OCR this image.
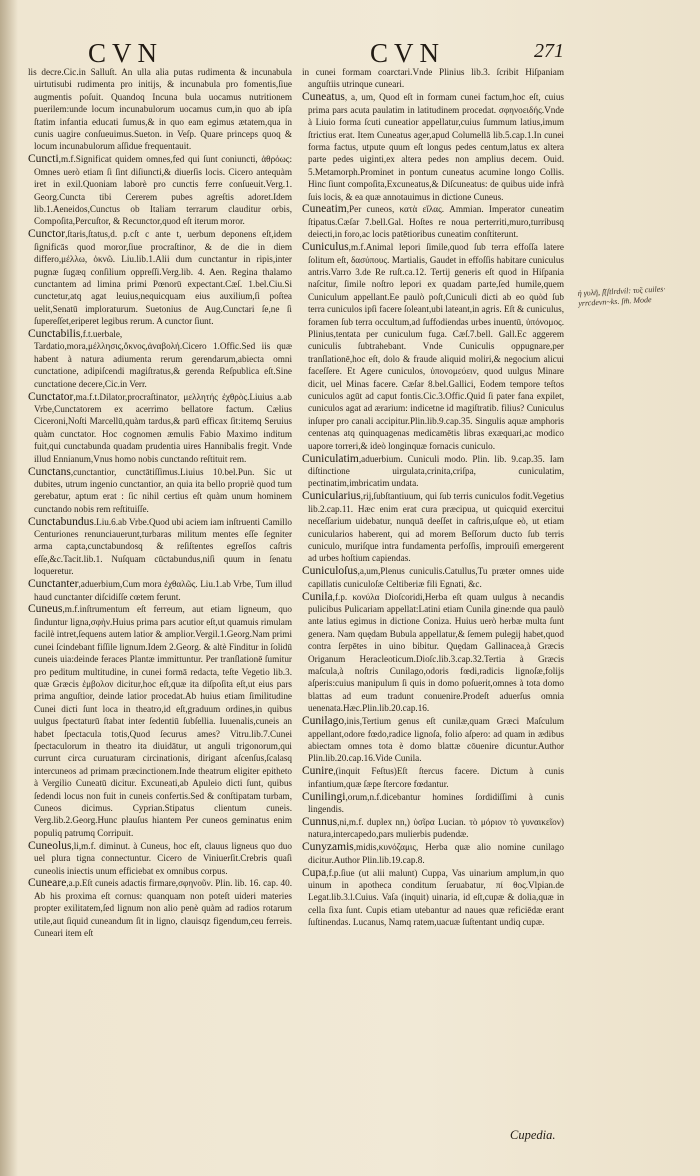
CVN	CVN	271

lis decre.Cic.in Salluſt. An ulla alia putas rudimenta & incunabula uirtutisubi rudimenta pro initijs, & incunabula pro fomentis,ſiue augmentis poſuit. Quandoq Incuna bula uocamus nutritionem puerilem:unde locum incunabulorum uocamus cum,in quo ab ipſa ſtatim infantia educati ſumus,& in quo eam egimus ætatem,qua in cunis uagire conſueuimus.Sueton. in Veſp. Quare princeps quoq & locum incunabulorum aſſidue frequentauit.

Cuncti,m.f.Significat quidem omnes,fed qui ſunt coniuncti, ἀθρόως: Omnes uerò etiam ſi ſint diſiuncti,& diuerſis locis. Cicero antequàm iret in exil.Quoniam laborè pro cunctis ferre conſueuit.Verg.1. Georg.Cuncta tibi Cererem pubes agreſtis adoret.Idem lib.1.Aeneidos,Cunctus ob Italiam terrarum clauditur orbis, Compoſita,Percuſtor, & Recunctor,quod eſt iterum moror.

Cunctor,ſtaris,ſtatus,d. p.cſt c ante t, uerbum deponens eſt,idem ſignificās quod moror,ſiue procraſtinor, & de die in diem differo,μέλλω, ὀκνῶ. Liu.lib.1.Alii dum cunctantur in ripis,inter pugnæ ſugæq conſilium oppreſſi.Verg.lib. 4. Aen. Regina thalamo cunctantem ad limina primi Pœnorū expectant.Cæſ. 1.bel.Ciu.Si cunctetur,atq agat leuius,nequicquam eius auxilium,ſi poſtea uelit,Senatū imploraturum. Suetonius de Aug.Cunctari ſe,ne ſi ſupereſſet,eriperet legibus rerum. A cunctor ſiunt.

Cunctabilis,f.t.uerbale, Tardatio,mora,μέλλησις,ὄκνος,ἀναβολή.Cicero 1.Offic.Sed iis quæ habent à natura adiumenta rerum gerendarum,abiecta omni cunctatione, adipiſcendi magiſtratus,& gerenda Reſpublica eſt.Sine cunctatione decere,Cic.in Verr.

Cunctator,ma.f.t.Dilator,procraſtinator, μελλητής ἐχθρὸς.Liuius a.ab Vrbe,Cunctatorem ex acerrimo bellatore factum. Cælius Ciceroni,Noſti Marcellū,quàm tardus,& parū efficax ſit:itemq Seruius quàm cunctator. Hoc cognomen æmulis Fabio Maximo inditum fuit,qui cunctabunda quadam prudentia uires Hannibalis fregit. Vnde illud Ennianum,Vnus homo nobis cunctando reſtituit rem.

Cunctans,cunctantior, cunctātiſſimus.Liuius 10.bel.Pun. Sic ut dubites, utrum ingenio cunctantior, an quia ita bello propriè quod tum gerebatur, aptum erat : ſic nihil certius eſt quàm unum hominem cunctando nobis rem reſtituiſſe.

Cunctabundus.Liu.6.ab Vrbe.Quod ubi aciem iam inſtruenti Camillo Centuriones renunciauerunt,turbaras militum mentes eſſe ſegniter arma capta,cunctabundosq & reſiſtentes egreſſos caſtris eſſe,&c.Tacit.lib.1. Nuſquam cūctabundus,niſi quum in ſenatu loqueretur.

Cunctanter,aduerbium,Cum mora ἐχθαλῶς. Liu.1.ab Vrbe, Tum illud haud cunctanter diſcidiſſe cœtem ferunt.

Cuneus,m.f.inſtrumentum eſt ferreum, aut etiam ligneum, quo ſinduntur ligna,σφὴν.Huius prima pars acutior eſt,ut quamuis rimulam facilè intret,ſequens autem latior & amplior.Vergil.1.Georg.Nam primi cunei ſcindebant fiſſile lignum.Idem 2.Georg. & altè Finditur in ſolidū cuneis uia:deinde feraces Plantæ immittuntur. Per tranſlationē ſumitur pro peditum multitudine, in cunei formā redacta, teſte Vegetio lib.3. quæ Græcis ἐμβολον dicitur,hoc eſt,quæ ita diſpoſita eſt,ut eius pars prima anguſtior, deinde latior procedat.Ab huius etiam ſimilitudine Cunei dicti ſunt loca in theatro,id eſt,graduum ordines,in quibus uulgus ſpectaturū ſtabat inter ſedentiū ſubſellia. Iuuenalis,cuneis an habet ſpectacula totis,Quod ſecurus ames? Vitru.lib.7.Cunei ſpectaculorum in theatro ita diuidātur, ut anguli trigonorum,qui currunt circa curuaturam circinationis, dirigant aſcenſus,ſcalasq intercuneos ad primam præcinctionem.Inde theatrum eligiter epitheto à Vergilio Cuneatū dicitur. Excuneati,ab Apuleio dicti ſunt, quibus ſedendi locus non fuit in cuneis confertis.Sed & conſtipatam turbam, Cuneos dicimus. Cyprian.Stipatus clientum cuneis. Verg.lib.2.Georg.Hunc plauſus hiantem Per cuneos geminatus enim populiq patrumq Corripuit.

Cuneolus,li,m.f. diminut. à Cuneus, hoc eſt, clauus ligneus quo duo uel plura tigna connectuntur. Cicero de Viniuerſit.Crebris quaſi cuneolis iniectis unum efficiebat ex omnibus corpus.

Cuneare,a.p.Eſt cuneis adactis firmare,σφηνοῦν. Plin. lib. 16. cap. 40. Ab his proxima eſt cornus: quanquam non poteſt uideri materies propter exilitatem,ſed lignum non alio penè quàm ad radios rotarum utile,aut ſiquid cuneandum ſit in ligno, clauisqz figendum,ceu ferreis. Cuneari item eſt

in cunei formam coarctari.Vnde Plinius lib.3. ſcribit Hiſpaniam anguſtiis utrinque cuneari.

Cuneatus, a, um, Quod eſt in formam cunei factum,hoc eſt, cuius prima pars acuta paulatim in latitudinem procedat. σφηνοειδής.Vnde à Liuio forma ſcuti cuneatior appellatur,cuius ſummum latius,imum ſtrictius erat. Item Cuneatus ager,apud Columellā lib.5.cap.1.In cunei forma factus, utpute quum eſt longus pedes centum,latus ex altera parte pedes uiginti,ex altera pedes non amplius decem. Ouid. 5.Metamorph.Prominet in pontum cuneatus acumine longo Collis. Hinc ſiunt compoſita,Excuneatus,& Diſcuneatus: de quibus uide infrà ſuis locis, & ea quæ annotauimus in dictione Cuneus.

Cuneatim,Per cuneos, κατὰ εἴλας. Ammian. Imperator cuneatim ſtipatus.Cæſar 7.bell.Gal. Hoſtes re noua perterriti,muro,turribusq deiecti,in foro,ac locis patētioribus cuneatim conſtiterunt.

Cuniculus,m.f.Animal lepori ſimile,quod ſub terra effoſſa latere ſolitum eſt, δασύπους. Martialis, Gaudet in effoſſis habitare cuniculus antris.Varro 3.de Re ruſt.ca.12. Tertij generis eſt quod in Hiſpania naſcitur, ſimile noſtro lepori ex quadam parte,ſed humile,quem Cuniculum appellant.Ee paulò poſt,Cuniculi dicti ab eo quòd ſub terra cuniculos ipſi facere ſoleant,ubi lateant,in agris. Eſt & cuniculus, foramen ſub terra occultum,ad ſuffodiendas urbes inuentū, ὑπόνομος. Plinius,tentata per cuniculum fuga. Cæſ.7.bell. Gall.Ec aggerem cuniculis ſubtrahebant. Vnde Cuniculis oppugnare,per tranſlationē,hoc eſt, dolo & fraude aliquid moliri,& negocium alicui faceſſere. Et Agere cuniculos, ὑπονομεύειν, quod uulgus Minare dicit, uel Minas facere. Cæſar 8.bel.Gallici, Eodem tempore teſtos cuniculos agūt ad caput fontis.Cic.3.Offic.Quid ſi pater fana expilet, cuniculos agat ad ærarium: indicetne id magiſtratib. filius? Cuniculus inſuper pro canali accipitur.Plin.lib.9.cap.35. Singulis aquæ amphoris centenas atq quinquagenas medicamētis libras exæquari,ac modico uapore torreri,& ideò longinquæ fornacis cuniculo.

Cuniculatim,aduerbium. Cuniculi modo. Plin. lib. 9.cap.35. Iam diſtinctione uirgulata,crinita,criſpa, cuniculatim, pectinatim,imbricatim undata.

Cunicularius,rij,ſubſtantiuum, qui ſub terris cuniculos fodit.Vegetius lib.2.cap.11. Hæc enim erat cura præcipua, ut quicquid exercitui neceſſarium uidebatur, nunquā deeſſet in caſtris,uſque eò, ut etiam cunicularios haberent, qui ad morem Beſſorum ducto ſub terris cuniculo, muriſque intra fundamenta perfoſſis, improuiſi emergerent ad urbes hoſtium capiendas.

Cuniculoſus,a,um,Plenus cuniculis.Catullus,Tu præter omnes uide capillatis cuniculoſæ Celtiberiæ fili Egnati, &c.

Cunila,f.p. κονύλα Dioſcoridi,Herba eſt quam uulgus à necandis pulicibus Pulicariam appellat:Latini etiam Cunila gine:nde qua paulò ante latius egimus in dictione Coniza. Huius uerò herbæ multa ſunt genera. Nam quędam Bubula appellatur,& ſemem pulegij habet,quod contra ſerpētes in uino bibitur. Quędam Gallinacea,à Græcis Origanum Heracleoticum.Dioſc.lib.3.cap.32.Tertia à Græcis maſcula,à noſtris Cunilago,odoris fœdi,radicis lignoſæ,folijs aſperis:cuius manipulum ſi quis in domo poſuerit,omnes à tota domo blattas ad eum tradunt conuenire.Prodeſt aduerſus omnia uenenata.Hæc.Plin.lib.20.cap.16.

Cunilago,inis,Tertium genus eſt cunilæ,quam Græci Maſculum appellant,odore fœdo,radice lignoſa, folio aſpero: ad quam in ædibus abiectam omnes tota è domo blattæ cōuenire dicuntur.Author Plin.lib.20.cap.16.Vide Cunila.

Cunire,(inquit Feſtus)Eſt ſtercus facere. Dictum à cunis infantium,quæ ſæpe ſtercore fœdantur.

Cunilingi,orum,n.f.dicebantur homines ſordidiſſimi à cunis lingendis.

Cunnus,ni,m.f. duplex nn,) ὑσῖρα Lucian. τὸ μόριον τὸ γυναικεῖον) natura,intercapedo,pars mulierbis pudendæ.

Cunyzamis,midis,κυνόζαμις, Herba quæ alio nomine cunilago dicitur.Author Plin.lib.19.cap.8.

Cupa,f.p.ſiue (ut alii malunt) Cuppa, Vas uinarium amplum,in quo uinum in apotheca conditum ſeruabatur, πί θος.Vlpian.de Legat.lib.3.l.Cuius. Vaſa (inquit) uinaria, id eſt,cupæ & dolia,quæ in cella ſixa ſunt. Cupis etiam utebantur ad naues quæ reficiēdæ erant ſuſtinendas. Lucanus, Namq ratem,uacuæ ſuſtentant undiq cupæ.

ἡ γυλῆ, ſ̄(ſtlrdvil: τυ̃ς cuiles· yrrcdevn~ks. ſm̄. Mode
Cupedia.
